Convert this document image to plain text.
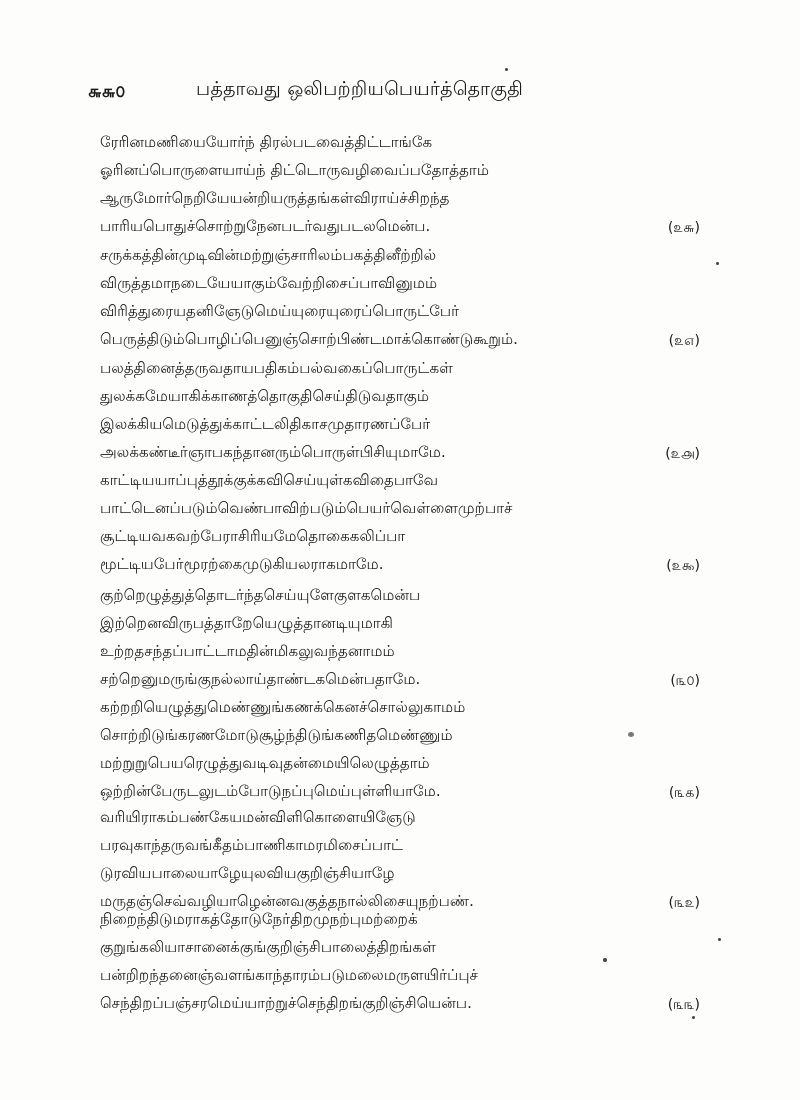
௬௬௦	பத்தாவது ஒலிபற்றியபெயர்த்தொகுதி
ரேரினமணியையோர்ந் திரல்படவைத்திட்டாங்கே
ஓரினப்பொருளையாய்ந் திட்டொருவழிவைப்பதோத்தாம்
ஆருமோர்நெறியேயன்றியருத்தங்கள்விராய்ச்சிறந்த
பாரியபொதுச்சொற்றுநேனபடர்வதுபடலமென்ப.	(௨௬)
சருக்கத்தின்முடிவின்மற்றுஞ்சாரிலம்பகத்தினீற்றில்
விருத்தமாநடையேயாகும்வேற்றிசைப்பாவினுமம்
விரித்துரையதனிஞேடுமெய்யுரையுரைப்பொருட்பேர்
பெருத்திடும்பொழிப்பெனுஞ்சொற்பிண்டமாக்கொண்டுகூறும்.	(௨௭)
பலத்தினைத்தருவதாயபதிகம்பல்வகைப்பொருட்கள்
துலக்கமேயாகிக்காணத்தொகுதிசெய்திடுவதாகும்
இலக்கியமெடுத்துக்காட்டலிதிகாசமுதாரணப்பேர்
அலக்கண்டீர்ஞாபகந்தானரும்பொருள்பிசியுமாமே.	(௨௮)
காட்டியயாப்புத்தூக்குக்கவிசெய்யுள்கவிதைபாவே
பாட்டெனப்படும்வெண்பாவிற்படும்பெயர்வெள்ளைமுற்பாச்
சூட்டியவகவற்பேராசிரியமேதொகைகலிப்பா
மூட்டியபேர்மூரற்கைமுடுகியலராகமாமே.	(௨௯)
குற்றெழுத்துத்தொடர்ந்தசெய்யுளேகுளகமென்ப
இற்றெனவிருபத்தாறேயெழுத்தானடியுமாகி
உற்றதசந்தப்பாட்டாமதின்மிகலுவந்தனாமம்
சற்றெனுமருங்குநல்லாய்தாண்டகமென்பதாமே.	(௩௦)
கற்றறியெழுத்துமெண்ணுங்கணக்கெனச்சொல்லுகாமம்
சொற்றிடுங்கரணமோடுசூழ்ந்திடுங்கணிதமெண்ணும்
மற்றுறுபெயரெழுத்துவடிவுதன்மையிலெழுத்தாம்
ஒற்றின்பேருடலுடம்போடுநப்புமெய்புள்ளியாமே.	(௩௧)
வரியிராகம்பண்கேயமன்விளிகொளையிஞேடு
பரவுகாந்தருவங்கீதம்பாணிகாமரமிசைப்பாட்
டுரவியபாலையாழேயுலவியகுறிஞ்சியாழே
மருதஞ்செவ்வழியாழென்னவகுத்தநால்லிசையுநற்பண்.	(௩௨)
நிறைந்திடுமராகத்தோடுநேர்திறமுநற்புமற்றைக்
குறுங்கலியாசானைக்குங்குறிஞ்சிபாலைத்திறங்கள்
பன்றிறந்தனைஞ்வளங்காந்தாரம்படுமலைமருளயிர்ப்புச்
செந்திறப்பஞ்சரமெய்யாற்றுச்செந்திறங்குறிஞ்சியென்ப.	(௩௩)
